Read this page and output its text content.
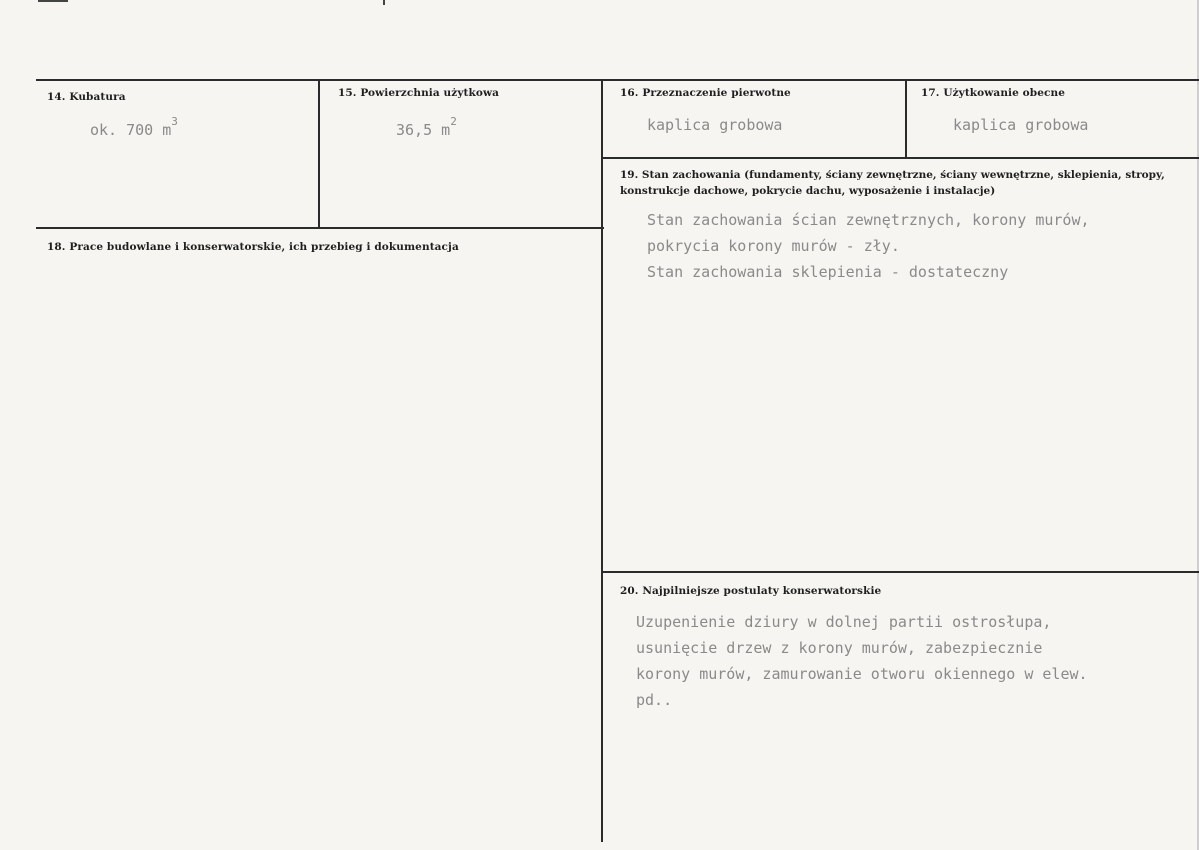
14. Kubatura
ok. 700 $m^3$
15. Powierzchnia użytkowa
36,5 $m^2$
16. Przeznaczenie pierwotne
kaplica grobowa
17. Użytkowanie obecne
kaplica grobowa
18. Prace budowlane i konserwatorskie, ich przebieg i dokumentacja
19. Stan zachowania (fundamenty, ściany zewnętrzne, ściany wewnętrzne, sklepienia, stropy,
konstrukcje dachowe, pokrycie dachu, wyposażenie i instalacje)
Stan zachowania ścian zewnętrznych, korony murów,
pokrycia korony murów - zły.
Stan zachowania sklepienia - dostateczny
20. Najpilniejsze postulaty konserwatorskie
Uzupenienie dziury w dolnej partii ostrosłupa,
usunięcie drzew z korony murów, zabezpiecznie
korony murów, zamurowanie otworu okiennego w elew.
pd..
